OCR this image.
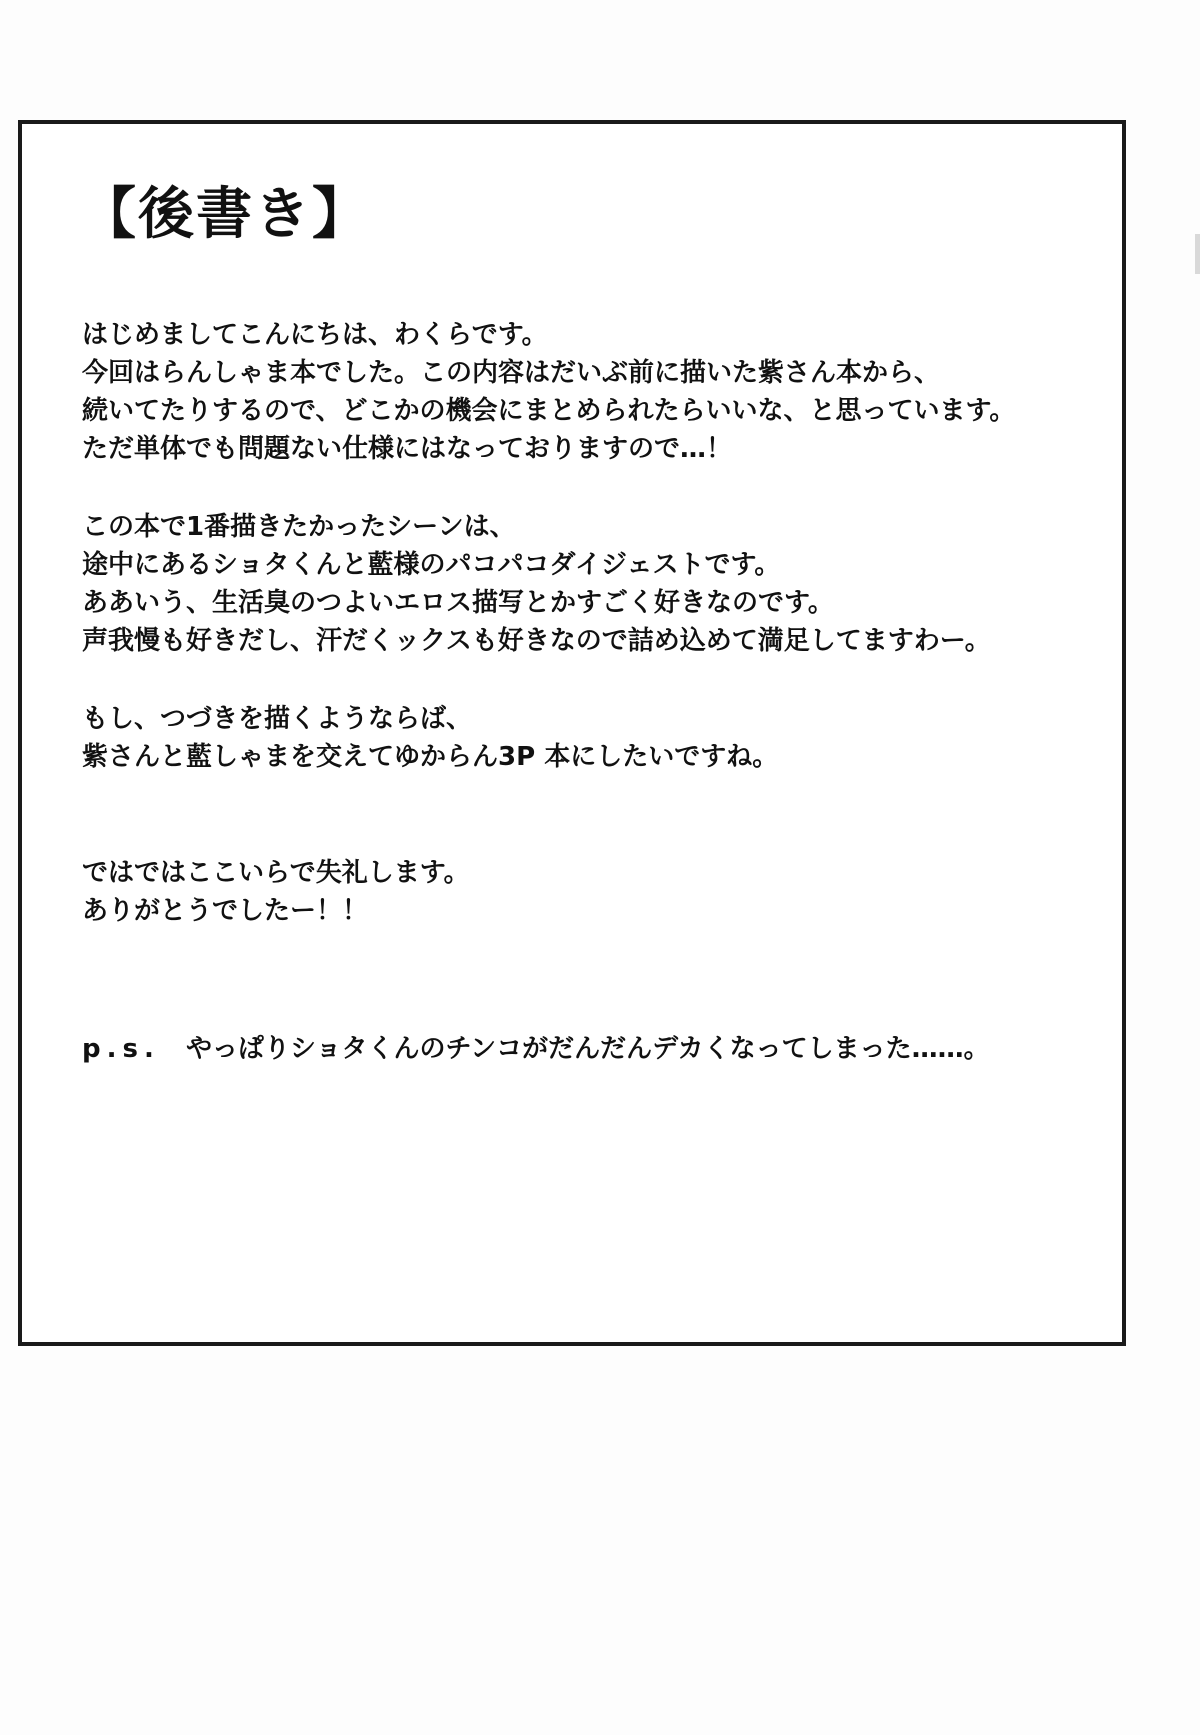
【後書き】
はじめましてこんにちは、わくらです。
今回はらんしゃま本でした。この内容はだいぶ前に描いた紫さん本から、
続いてたりするので、どこかの機会にまとめられたらいいな、と思っています。
ただ単体でも問題ない仕様にはなっておりますので…！
この本で1番描きたかったシーンは、
途中にあるショタくんと藍様のパコパコダイジェストです。
ああいう、生活臭のつよいエロス描写とかすごく好きなのです。
声我慢も好きだし、汗だくックスも好きなので詰め込めて満足してますわー。
もし、つづきを描くようならば、
紫さんと藍しゃまを交えてゆからん3P 本にしたいですね。
ではではここいらで失礼します。
ありがとうでしたー！！
p.s. やっぱりショタくんのチンコがだんだんデカくなってしまった……。
